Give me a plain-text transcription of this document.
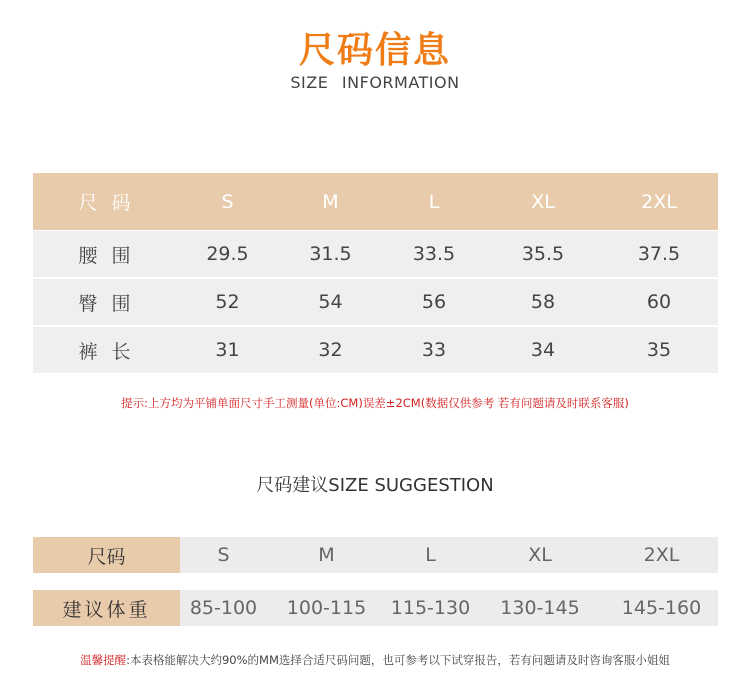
尺码信息
SIZE INFORMATION
尺码	S	M	L	XL	2XL
腰围	29.5	31.5	33.5	35.5	37.5
臀围	52	54	56	58	60
裤长	31	32	33	34	35
提示:上方均为平铺单面尺寸手工测量(单位:CM)误差±2CM(数据仅供参考 若有问题请及时联系客服)
尺码建议SIZE SUGGESTION
尺码	S	M	L	XL	2XL
建议体重	85-100	100-115	115-130	130-145	145-160
温馨提醒:本表格能解决大约90%的MM选择合适尺码问题，也可参考以下试穿报告，若有问题请及时咨询客服小姐姐
